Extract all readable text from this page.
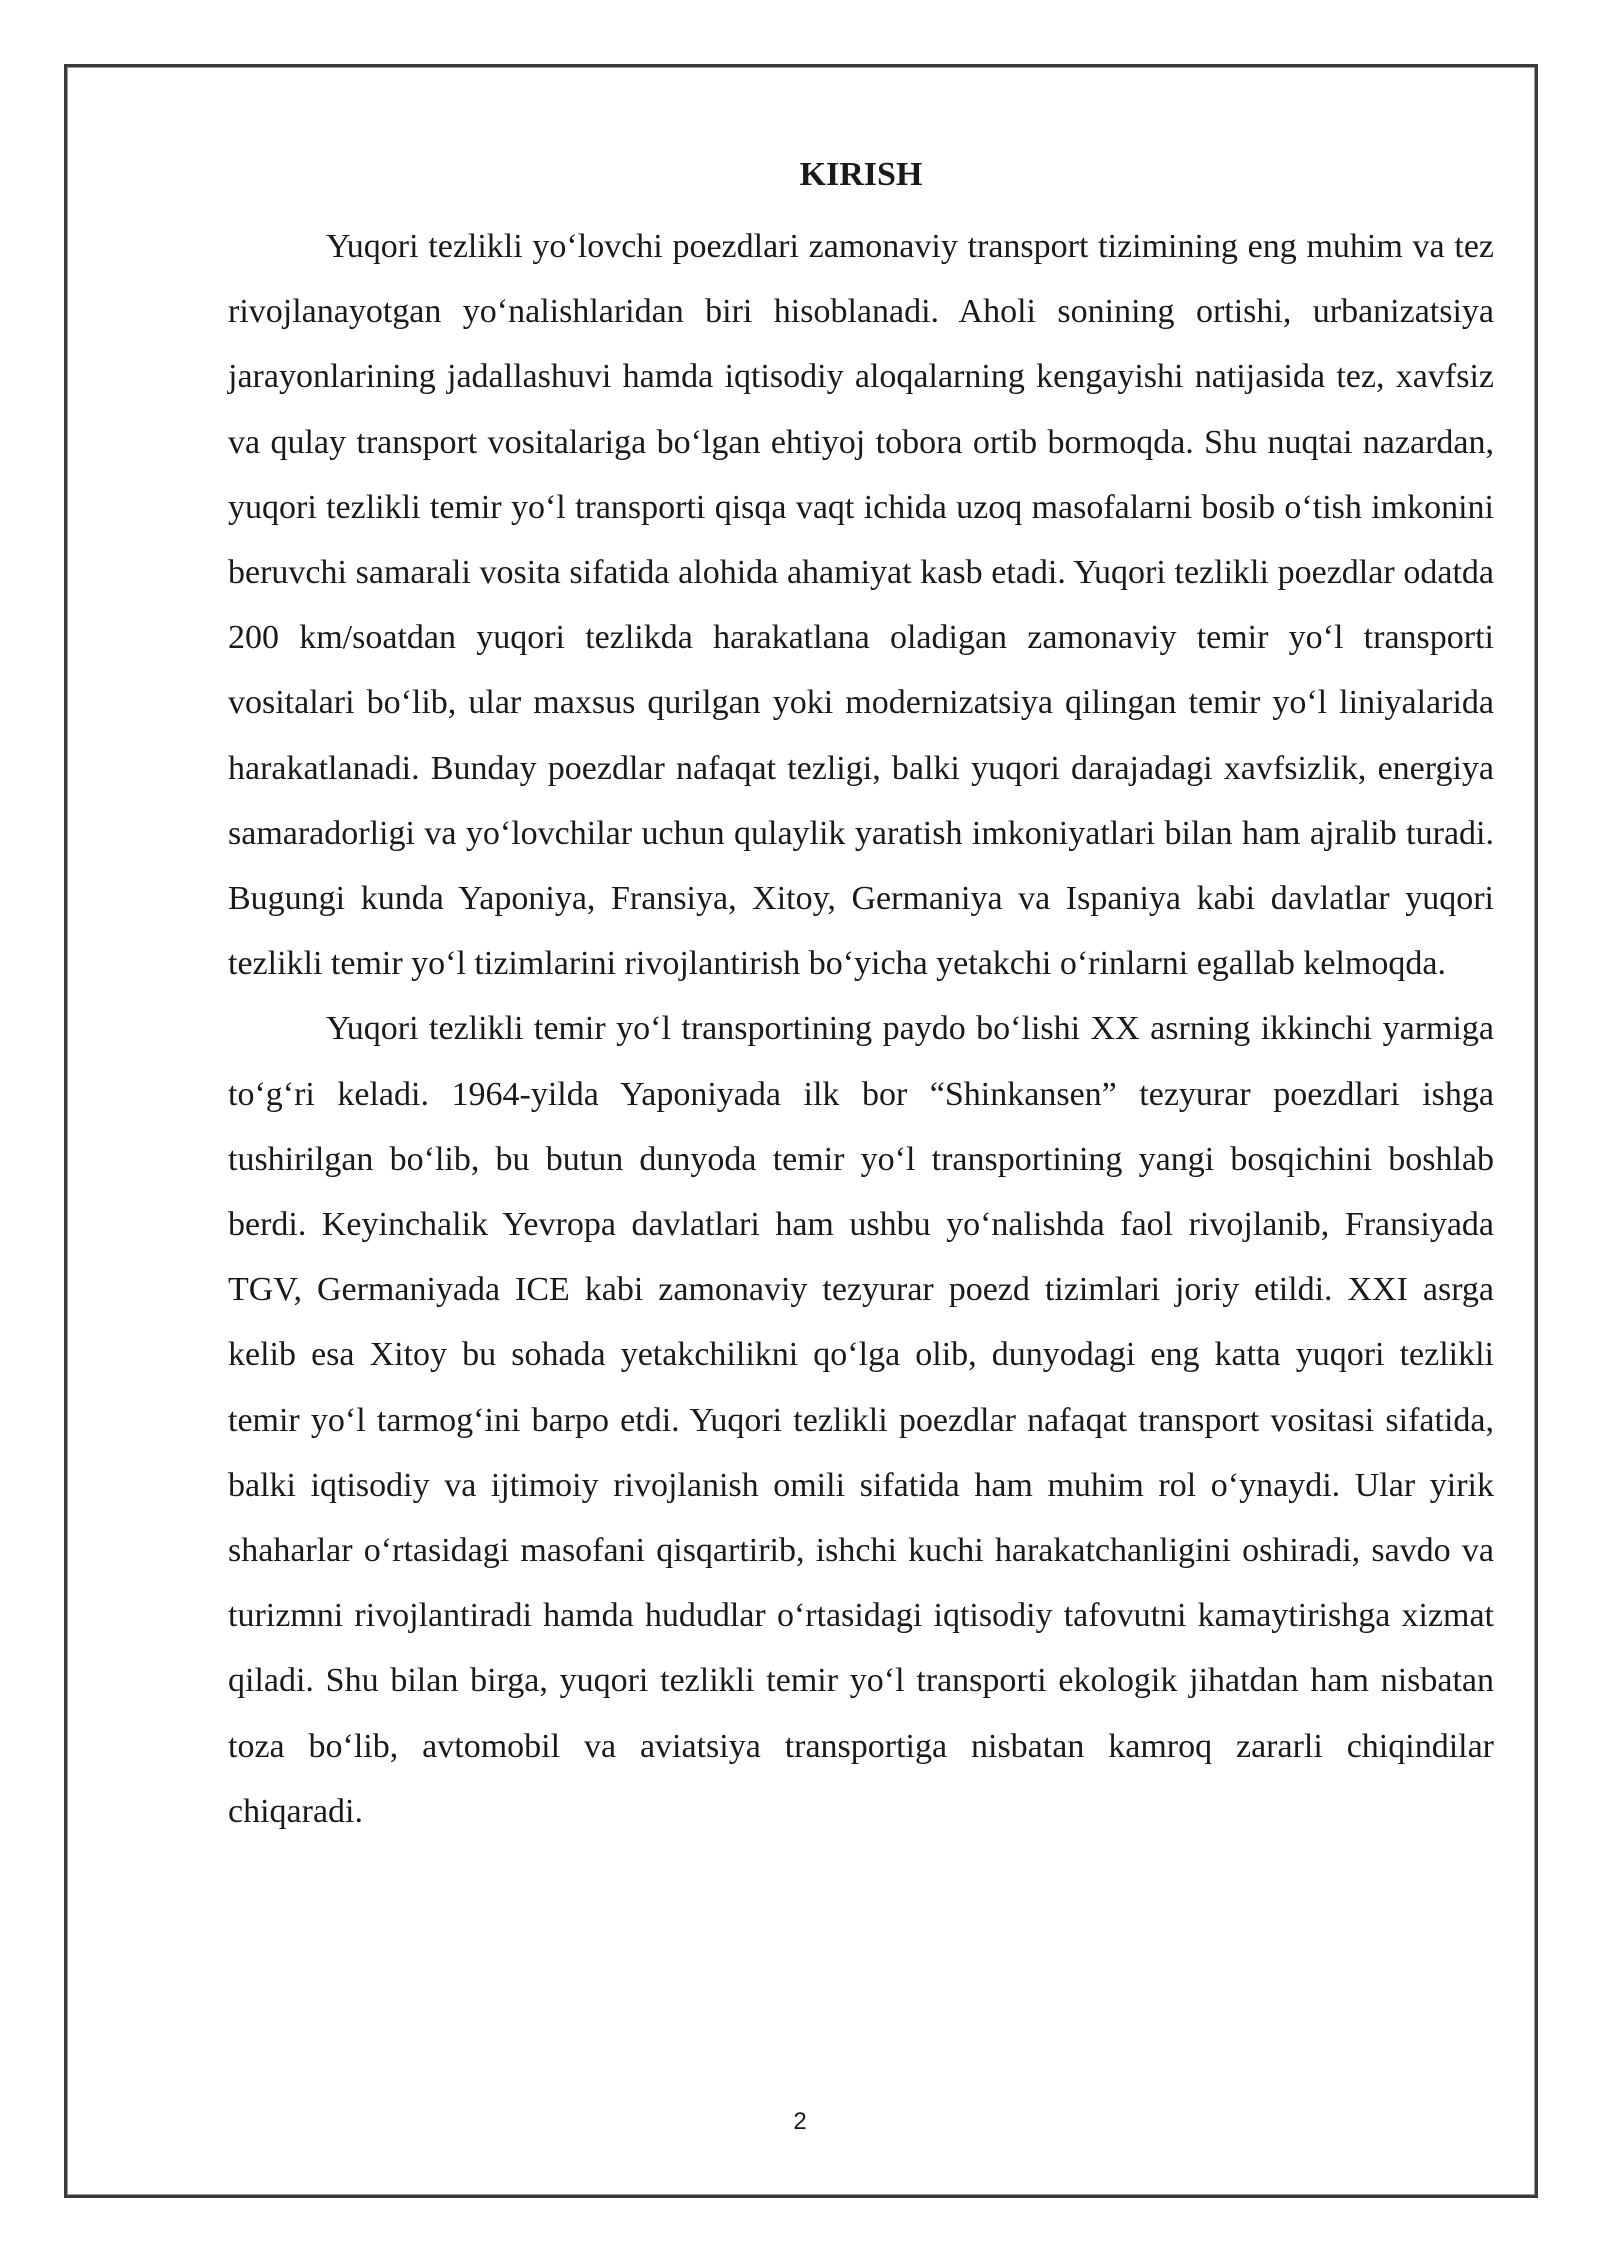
KIRISH

Yuqori tezlikli yo‘lovchi poezdlari zamonaviy transport tizimining eng muhim va tez rivojlanayotgan yo‘nalishlaridan biri hisoblanadi. Aholi sonining ortishi, urbanizatsiya jarayonlarining jadallashuvi hamda iqtisodiy aloqalarning kengayishi natijasida tez, xavfsiz va qulay transport vositalariga bo‘lgan ehtiyoj tobora ortib bormoqda. Shu nuqtai nazardan, yuqori tezlikli temir yo‘l transporti qisqa vaqt ichida uzoq masofalarni bosib o‘tish imkonini beruvchi samarali vosita sifatida alohida ahamiyat kasb etadi. Yuqori tezlikli poezdlar odatda 200 km/soatdan yuqori tezlikda harakatlana oladigan zamonaviy temir yo‘l transporti vositalari bo‘lib, ular maxsus qurilgan yoki modernizatsiya qilingan temir yo‘l liniyalarida harakatlanadi. Bunday poezdlar nafaqat tezligi, balki yuqori darajadagi xavfsizlik, energiya samaradorligi va yo‘lovchilar uchun qulaylik yaratish imkoniyatlari bilan ham ajralib turadi. Bugungi kunda Yaponiya, Fransiya, Xitoy, Germaniya va Ispaniya kabi davlatlar yuqori tezlikli temir yo‘l tizimlarini rivojlantirish bo‘yicha yetakchi o‘rinlarni egallab kelmoqda.

Yuqori tezlikli temir yo‘l transportining paydo bo‘lishi XX asrning ikkinchi yarmiga to‘g‘ri keladi. 1964-yilda Yaponiyada ilk bor “Shinkansen” tezyurar poezdlari ishga tushirilgan bo‘lib, bu butun dunyoda temir yo‘l transportining yangi bosqichini boshlab berdi. Keyinchalik Yevropa davlatlari ham ushbu yo‘nalishda faol rivojlanib, Fransiyada TGV, Germaniyada ICE kabi zamonaviy tezyurar poezd tizimlari joriy etildi. XXI asrga kelib esa Xitoy bu sohada yetakchilikni qo‘lga olib, dunyodagi eng katta yuqori tezlikli temir yo‘l tarmog‘ini barpo etdi. Yuqori tezlikli poezdlar nafaqat transport vositasi sifatida, balki iqtisodiy va ijtimoiy rivojlanish omili sifatida ham muhim rol o‘ynaydi. Ular yirik shaharlar o‘rtasidagi masofani qisqartirib, ishchi kuchi harakatchanligini oshiradi, savdo va turizmni rivojlantiradi hamda hududlar o‘rtasidagi iqtisodiy tafovutni kamaytirishga xizmat qiladi. Shu bilan birga, yuqori tezlikli temir yo‘l transporti ekologik jihatdan ham nisbatan toza bo‘lib, avtomobil va aviatsiya transportiga nisbatan kamroq zararli chiqindilar chiqaradi.

2
